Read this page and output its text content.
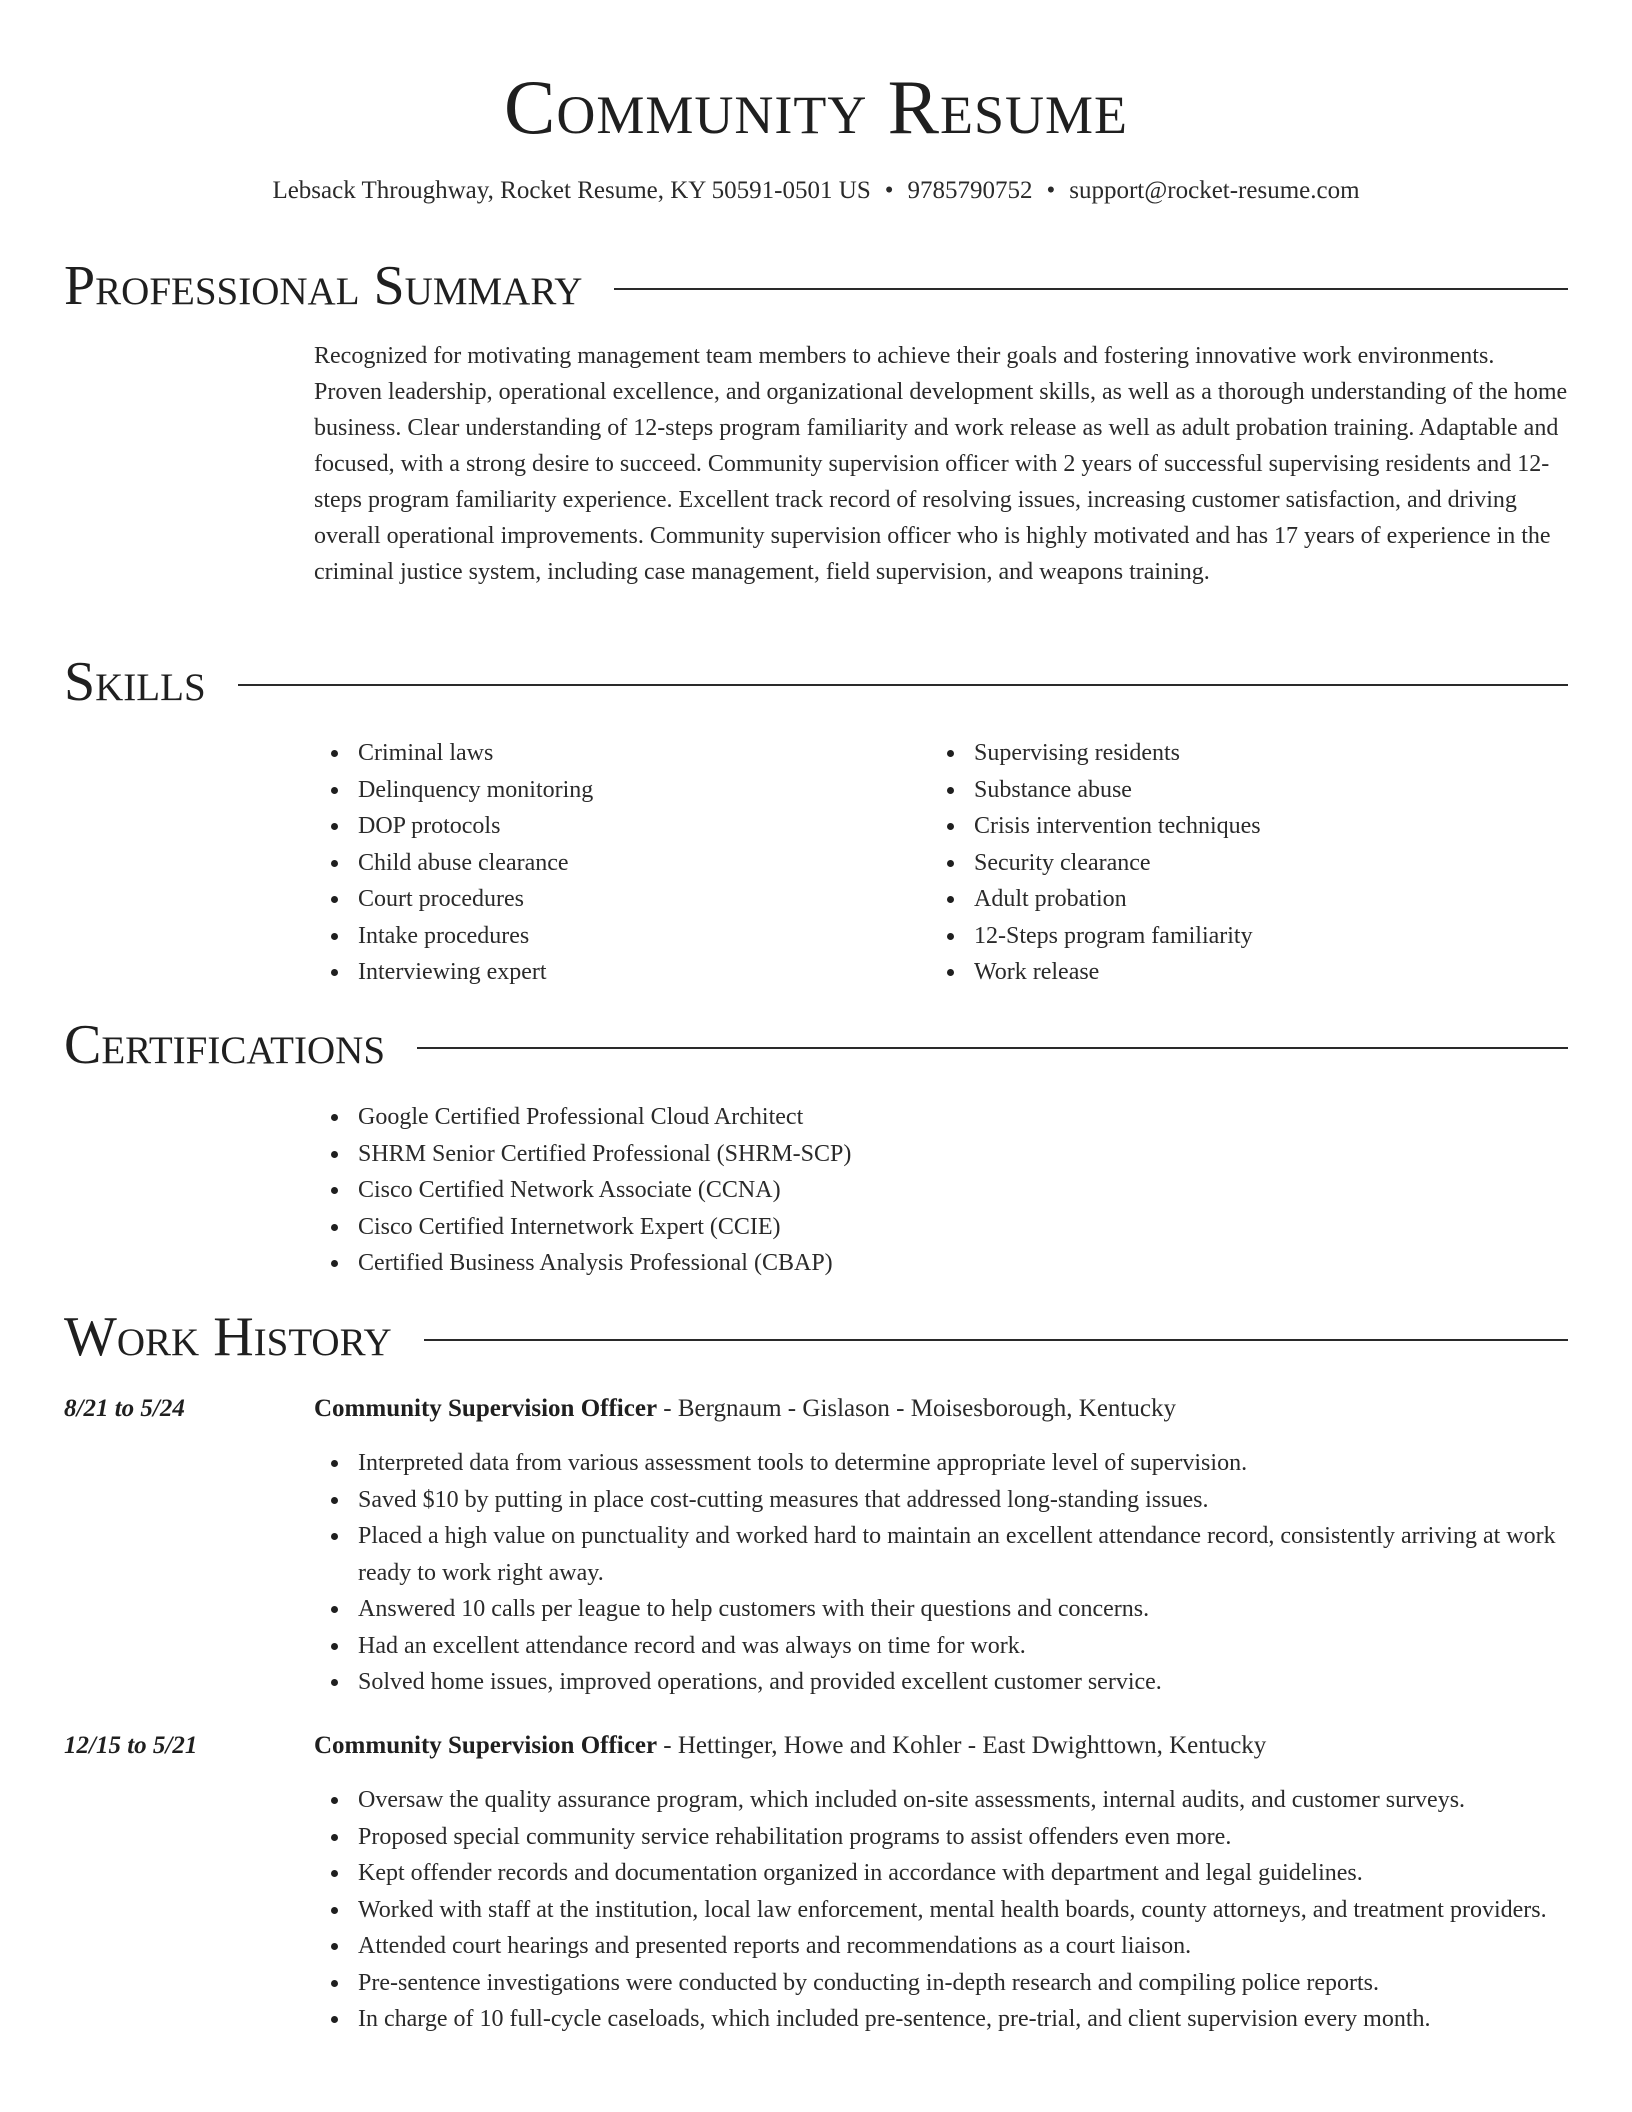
Community Resume
Lebsack Throughway, Rocket Resume, KY 50591-0501 US • 9785790752 • support@rocket-resume.com
Professional Summary

Recognized for motivating management team members to achieve their goals and fostering innovative work environments. Proven leadership, operational excellence, and organizational development skills, as well as a thorough understanding of the home business. Clear understanding of 12-steps program familiarity and work release as well as adult probation training. Adaptable and focused, with a strong desire to succeed. Community supervision officer with 2 years of successful supervising residents and 12-steps program familiarity experience. Excellent track record of resolving issues, increasing customer satisfaction, and driving overall operational improvements. Community supervision officer who is highly motivated and has 17 years of experience in the criminal justice system, including case management, field supervision, and weapons training.

Skills
Criminal laws
Delinquency monitoring
DOP protocols
Child abuse clearance
Court procedures
Intake procedures
Interviewing expert
Supervising residents
Substance abuse
Crisis intervention techniques
Security clearance
Adult probation
12-Steps program familiarity
Work release
Certifications
Google Certified Professional Cloud Architect
SHRM Senior Certified Professional (SHRM-SCP)
Cisco Certified Network Associate (CCNA)
Cisco Certified Internetwork Expert (CCIE)
Certified Business Analysis Professional (CBAP)
Work History
8/21 to 5/24	Community Supervision Officer - Bergnaum - Gislason - Moisesborough, Kentucky
Interpreted data from various assessment tools to determine appropriate level of supervision.
Saved $10 by putting in place cost-cutting measures that addressed long-standing issues.
Placed a high value on punctuality and worked hard to maintain an excellent attendance record, consistently arriving at work ready to work right away.
Answered 10 calls per league to help customers with their questions and concerns.
Had an excellent attendance record and was always on time for work.
Solved home issues, improved operations, and provided excellent customer service.
12/15 to 5/21	Community Supervision Officer - Hettinger, Howe and Kohler - East Dwighttown, Kentucky
Oversaw the quality assurance program, which included on-site assessments, internal audits, and customer surveys.
Proposed special community service rehabilitation programs to assist offenders even more.
Kept offender records and documentation organized in accordance with department and legal guidelines.
Worked with staff at the institution, local law enforcement, mental health boards, county attorneys, and treatment providers.
Attended court hearings and presented reports and recommendations as a court liaison.
Pre-sentence investigations were conducted by conducting in-depth research and compiling police reports.
In charge of 10 full-cycle caseloads, which included pre-sentence, pre-trial, and client supervision every month.
